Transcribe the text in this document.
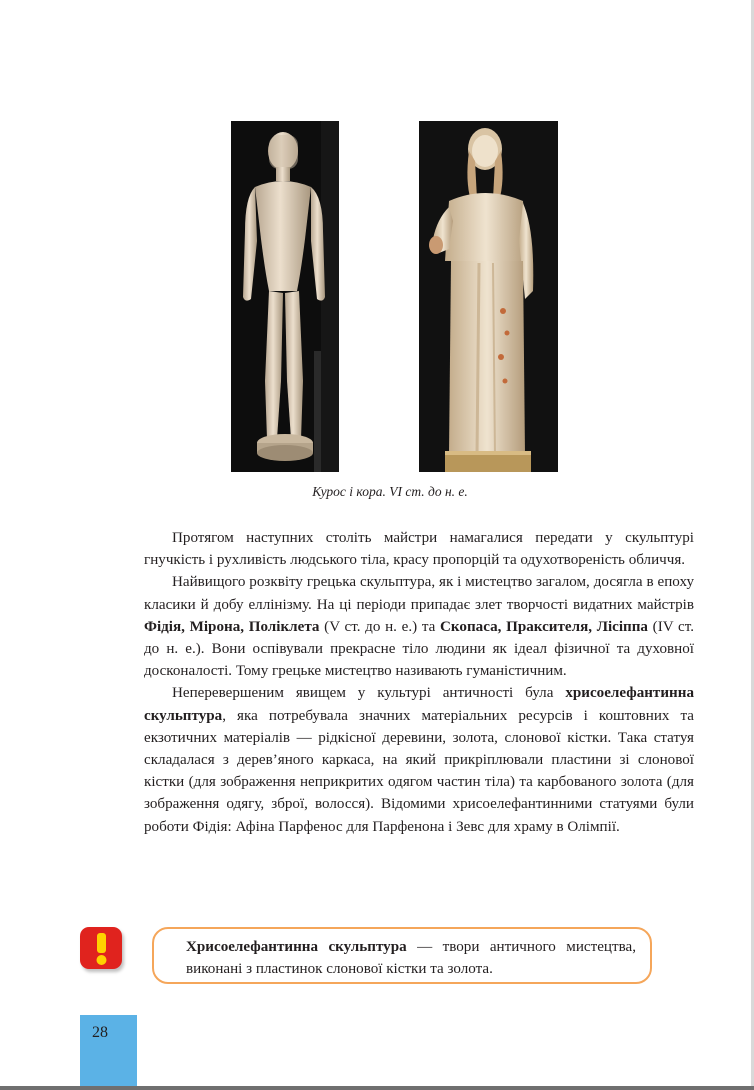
Курос і кора. VI ст. до н. е.

Протягом наступних століть майстри намагалися передати у скульптурі гнучкість і рухливість людського тіла, красу пропорцій та одухотвореність обличчя.

Найвищого розквіту грецька скульптура, як і мистецтво загалом, досягла в епоху класики й добу еллінізму. На ці періоди припадає злет творчості видатних майстрів Фідія, Мірона, Поліклета (V ст. до н. е.) та Скопаса, Праксителя, Лісіппа (IV ст. до н. е.). Вони оспівували прекрасне тіло людини як ідеал фізичної та духовної досконалості. Тому грецьке мистецтво називають гуманістичним.

Неперевершеним явищем у культурі античності була хрисоелефантинна скульптура, яка потребувала значних матеріальних ресурсів і коштовних та екзотичних матеріалів — рідкісної деревини, золота, слонової кістки. Така статуя складалася з дерев’яного каркаса, на який прикріплювали пластини зі слонової кістки (для зображення неприкритих одягом частин тіла) та карбованого золота (для зображення одягу, зброї, волосся). Відомими хрисоелефантинними статуями були роботи Фідія: Афіна Парфенос для Парфенона і Зевс для храму в Олімпії.

Хрисоелефантинна скульптура — твори античного мистецтва, виконані з пластинок слонової кістки та золота.
28
